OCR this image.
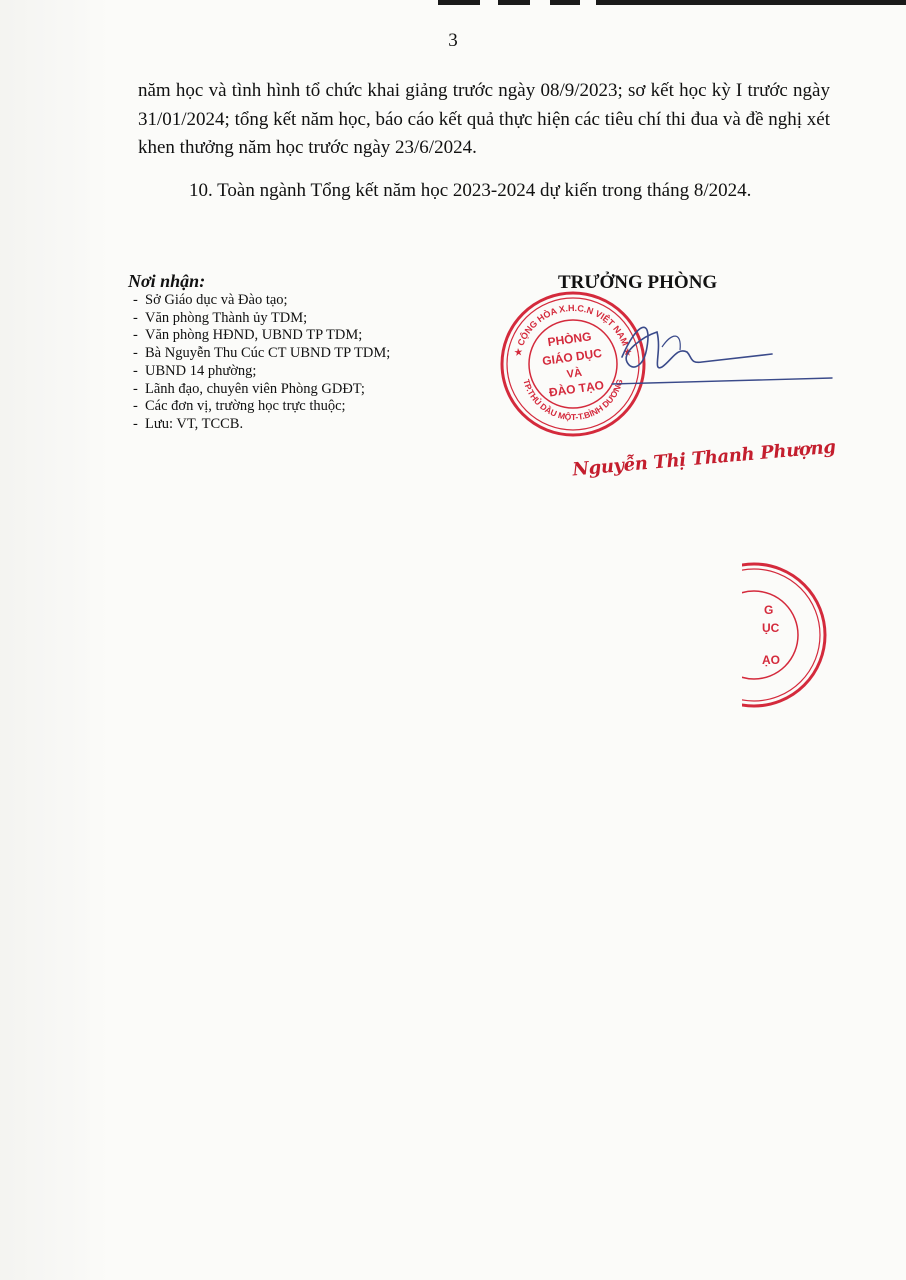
3
năm học và tình hình tổ chức khai giảng trước ngày 08/9/2023; sơ kết học kỳ I trước ngày 31/01/2024; tổng kết năm học, báo cáo kết quả thực hiện các tiêu chí thi đua và đề nghị xét khen thưởng năm học trước ngày 23/6/2024.
10. Toàn ngành Tổng kết năm học 2023-2024 dự kiến trong tháng 8/2024.
Nơi nhận:
- Sở Giáo dục và Đào tạo;
- Văn phòng Thành ủy TDM;
- Văn phòng HĐND, UBND TP TDM;
- Bà Nguyễn Thu Cúc CT UBND TP TDM;
- UBND 14 phường;
- Lãnh đạo, chuyên viên Phòng GDĐT;
- Các đơn vị, trường học trực thuộc;
- Lưu: VT, TCCB.
TRƯỞNG PHÒNG
★ CỘNG HÒA X.H.C.N VIỆT NAM ★
TP.THỦ DẦU MỘT-T.BÌNH DƯƠNG
PHÒNG
GIÁO DỤC
VÀ
ĐÀO TẠO
Nguyễn Thị Thanh Phượng
G
ỤC
ẠO
